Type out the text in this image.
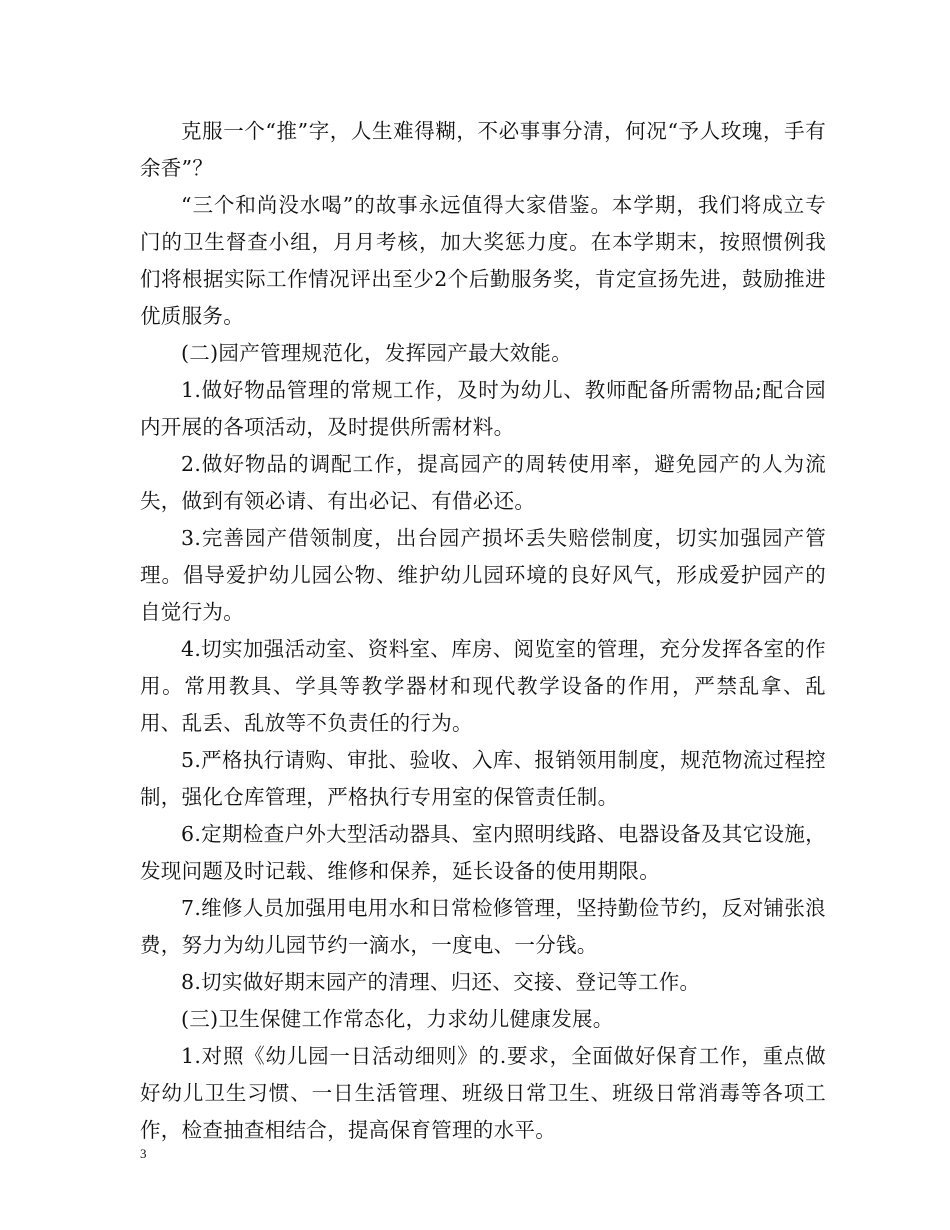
克服一个“推”字，人生难得糊，不必事事分清，何况“予人玫瑰，手有余香”？

“三个和尚没水喝”的故事永远值得大家借鉴。本学期，我们将成立专门的卫生督查小组，月月考核，加大奖惩力度。在本学期末，按照惯例我们将根据实际工作情况评出至少2个后勤服务奖，肯定宣扬先进，鼓励推进优质服务。

(二)园产管理规范化，发挥园产最大效能。

1.做好物品管理的常规工作，及时为幼儿、教师配备所需物品;配合园内开展的各项活动，及时提供所需材料。

2.做好物品的调配工作，提高园产的周转使用率，避免园产的人为流失，做到有领必请、有出必记、有借必还。

3.完善园产借领制度，出台园产损坏丢失赔偿制度，切实加强园产管理。倡导爱护幼儿园公物、维护幼儿园环境的良好风气，形成爱护园产的自觉行为。

4.切实加强活动室、资料室、库房、阅览室的管理，充分发挥各室的作用。常用教具、学具等教学器材和现代教学设备的作用，严禁乱拿、乱用、乱丢、乱放等不负责任的行为。

5.严格执行请购、审批、验收、入库、报销领用制度，规范物流过程控制，强化仓库管理，严格执行专用室的保管责任制。

6.定期检查户外大型活动器具、室内照明线路、电器设备及其它设施，发现问题及时记载、维修和保养，延长设备的使用期限。

7.维修人员加强用电用水和日常检修管理，坚持勤俭节约，反对铺张浪费，努力为幼儿园节约一滴水，一度电、一分钱。

8.切实做好期末园产的清理、归还、交接、登记等工作。

(三)卫生保健工作常态化，力求幼儿健康发展。

1.对照《幼儿园一日活动细则》的.要求，全面做好保育工作，重点做好幼儿卫生习惯、一日生活管理、班级日常卫生、班级日常消毒等各项工作，检查抽查相结合，提高保育管理的水平。

3
